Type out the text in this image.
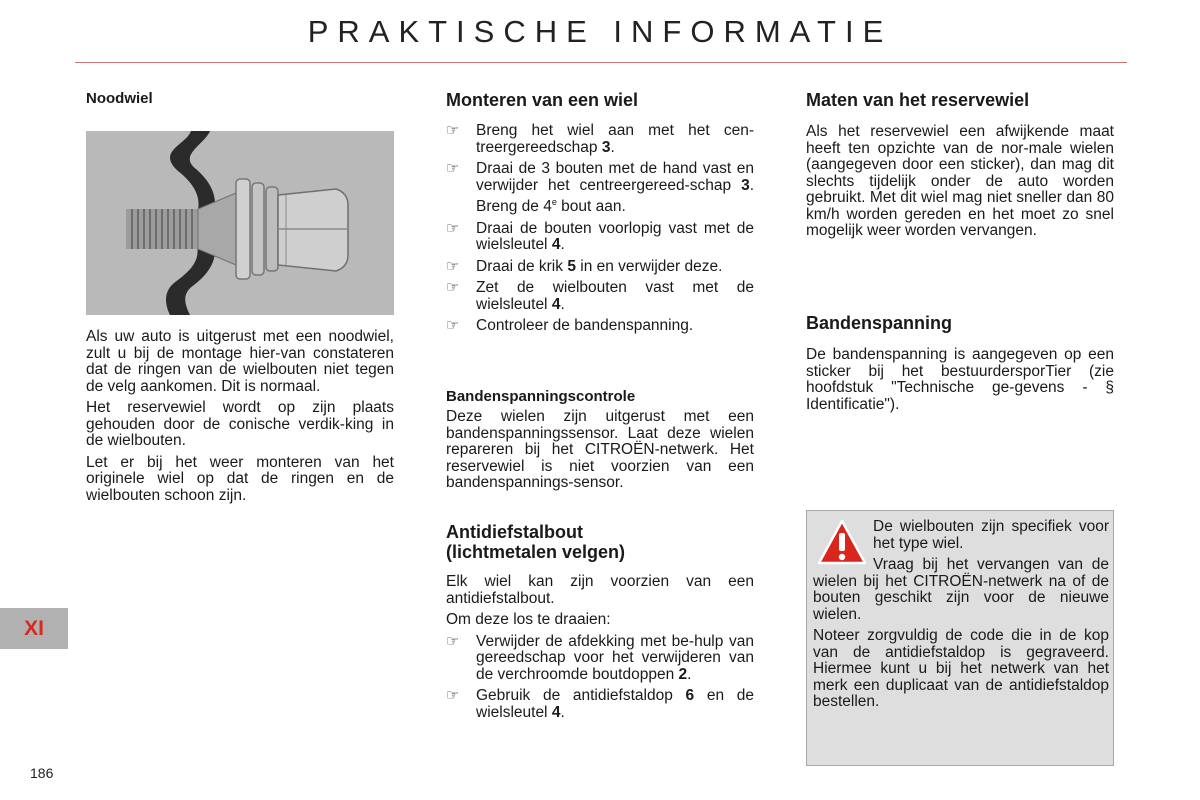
PRAKTISCHE INFORMATIE
Noodwiel

Als uw auto is uitgerust met een noodwiel, zult u bij de montage hier-van constateren dat de ringen van de wielbouten niet tegen de velg aankomen. Dit is normaal.

Het reservewiel wordt op zijn plaats gehouden door de conische verdik-king in de wielbouten.

Let er bij het weer monteren van het originele wiel op dat de ringen en de wielbouten schoon zijn.

Monteren van een wiel
☞ Breng het wiel aan met het cen-treergereedschap 3.
☞ Draai de 3 bouten met de hand vast en verwijder het centreergereed-schap 3. Breng de 4e bout aan.
☞ Draai de bouten voorlopig vast met de wielsleutel 4.
☞ Draai de krik 5 in en verwijder deze.
☞ Zet de wielbouten vast met de wielsleutel 4.
☞ Controleer de bandenspanning.
Bandenspanningscontrole

Deze wielen zijn uitgerust met een bandenspanningssensor. Laat deze wielen repareren bij het CITROËN-netwerk. Het reservewiel is niet voorzien van een bandenspannings-sensor.

Antidiefstalbout
(lichtmetalen velgen)

Elk wiel kan zijn voorzien van een antidiefstalbout.

Om deze los te draaien:

☞ Verwijder de afdekking met be-hulp van gereedschap voor het verwijderen van de verchroomde boutdoppen 2.
☞ Gebruik de antidiefstaldop 6 en de wielsleutel 4.
Maten van het reservewiel

Als het reservewiel een afwijkende maat heeft ten opzichte van de nor-male wielen (aangegeven door een sticker), dan mag dit slechts tijdelijk onder de auto worden gebruikt. Met dit wiel mag niet sneller dan 80 km/h worden gereden en het moet zo snel mogelijk weer worden vervangen.

Bandenspanning

De bandenspanning is aangegeven op een sticker bij het bestuurdersporTier (zie hoofdstuk "Technische ge-gevens - § Identificatie").

De wielbouten zijn specifiek voor het type wiel.

Vraag bij het vervangen van de wielen bij het CITROËN-netwerk na of de bouten geschikt zijn voor de nieuwe wielen.

Noteer zorgvuldig de code die in de kop van de antidiefstaldop is gegraveerd. Hiermee kunt u bij het netwerk van het merk een duplicaat van de antidiefstaldop bestellen.

XI
186
